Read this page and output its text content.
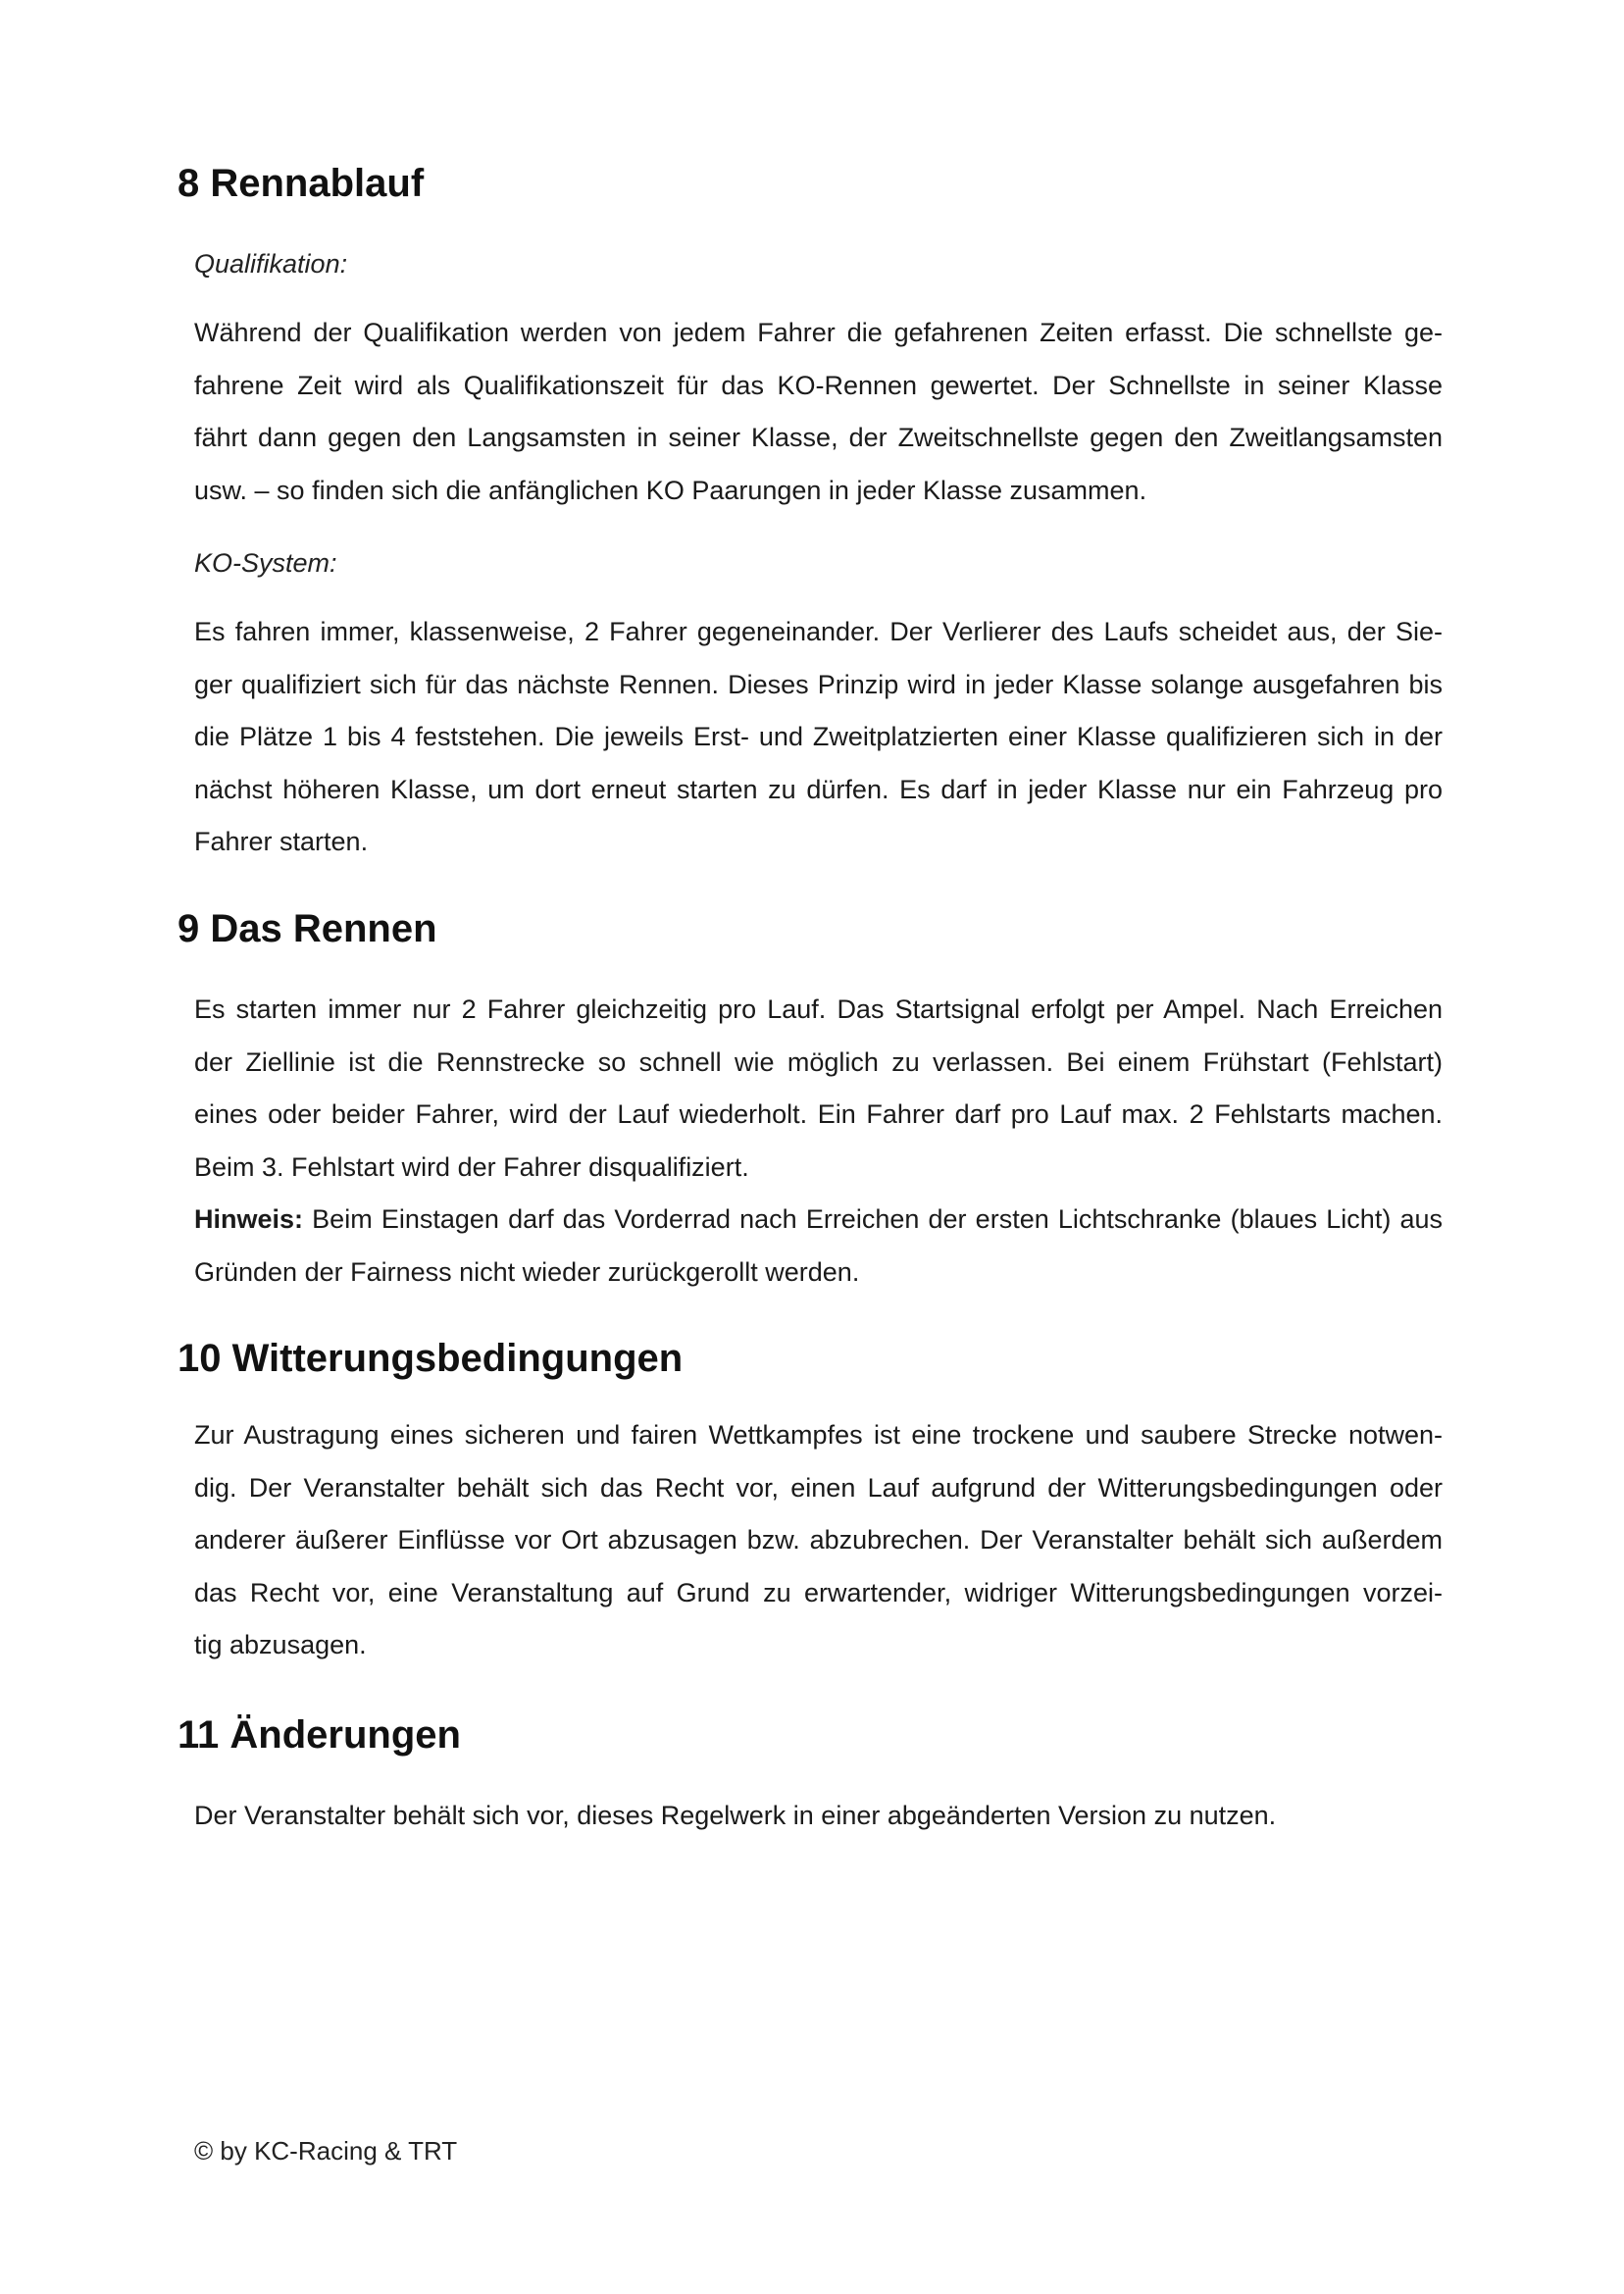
8 Rennablauf

Qualifikation:

Während der Qualifikation werden von jedem Fahrer die gefahrenen Zeiten erfasst. Die schnellste ge-
fahrene Zeit wird als Qualifikationszeit für das KO-Rennen gewertet. Der Schnellste in seiner Klasse
fährt dann gegen den Langsamsten in seiner Klasse, der Zweitschnellste gegen den Zweitlangsamsten
usw. – so finden sich die anfänglichen KO Paarungen in jeder Klasse zusammen.

KO-System:

Es fahren immer, klassenweise, 2 Fahrer gegeneinander. Der Verlierer des Laufs scheidet aus, der Sie-
ger qualifiziert sich für das nächste Rennen. Dieses Prinzip wird in jeder Klasse solange ausgefahren bis
die Plätze 1 bis 4 feststehen. Die jeweils Erst- und Zweitplatzierten einer Klasse qualifizieren sich in der
nächst höheren Klasse, um dort erneut starten zu dürfen. Es darf in jeder Klasse nur ein Fahrzeug pro
Fahrer starten.
9 Das Rennen
Es starten immer nur 2 Fahrer gleichzeitig pro Lauf. Das Startsignal erfolgt per Ampel. Nach Erreichen
der Ziellinie ist die Rennstrecke so schnell wie möglich zu verlassen. Bei einem Frühstart (Fehlstart)
eines oder beider Fahrer, wird der Lauf wiederholt. Ein Fahrer darf pro Lauf max. 2 Fehlstarts machen.
Beim 3. Fehlstart wird der Fahrer disqualifiziert.
Hinweis: Beim Einstagen darf das Vorderrad nach Erreichen der ersten Lichtschranke (blaues Licht) aus
Gründen der Fairness nicht wieder zurückgerollt werden.
10 Witterungsbedingungen
Zur Austragung eines sicheren und fairen Wettkampfes ist eine trockene und saubere Strecke notwen-
dig. Der Veranstalter behält sich das Recht vor, einen Lauf aufgrund der Witterungsbedingungen oder
anderer äußerer Einflüsse vor Ort abzusagen bzw. abzubrechen. Der Veranstalter behält sich außerdem
das Recht vor, eine Veranstaltung auf Grund zu erwartender, widriger Witterungsbedingungen vorzei-
tig abzusagen.
11 Änderungen
Der Veranstalter behält sich vor, dieses Regelwerk in einer abgeänderten Version zu nutzen.
© by KC-Racing & TRT
